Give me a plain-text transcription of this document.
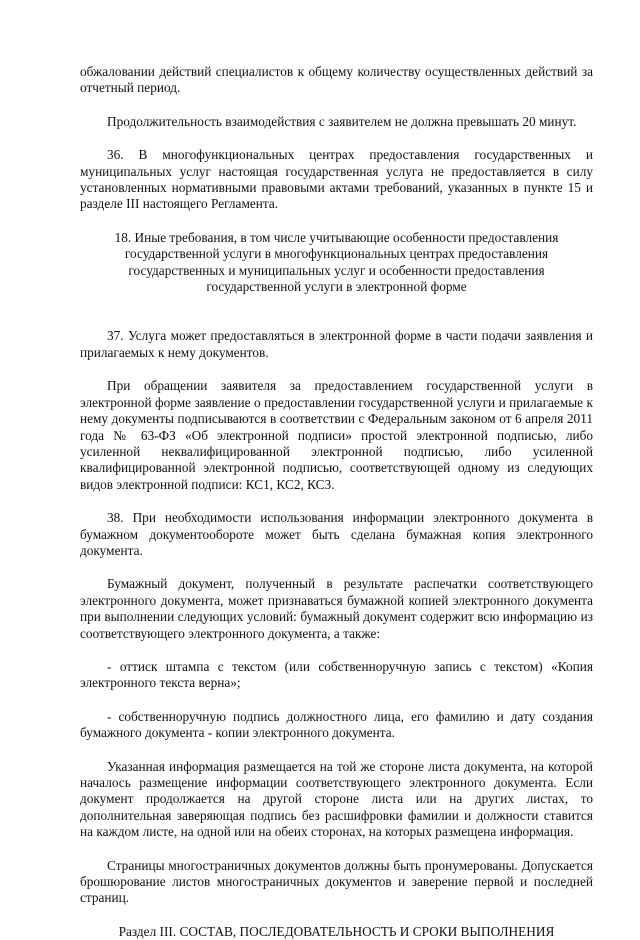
обжаловании действий специалистов к общему количеству осуществленных действий за отчетный период.

Продолжительность взаимодействия с заявителем не должна превышать 20 минут.

36. В многофункциональных центрах предоставления государственных и муниципальных услуг настоящая государственная услуга не предоставляется в силу установленных нормативными правовыми актами требований, указанных в пункте 15 и разделе III настоящего Регламента.

18. Иные требования, в том числе учитывающие особенности предоставления государственной услуги в многофункциональных центрах предоставления государственных и муниципальных услуг и особенности предоставления государственной услуги в электронной форме

37. Услуга может предоставляться в электронной форме в части подачи заявления и прилагаемых к нему документов.

При обращении заявителя за предоставлением государственной услуги в электронной форме заявление о предоставлении государственной услуги и прилагаемые к нему документы подписываются в соответствии с Федеральным законом от 6 апреля 2011 года № 63-ФЗ «Об электронной подписи» простой электронной подписью, либо усиленной неквалифицированной электронной подписью, либо усиленной квалифицированной электронной подписью, соответствующей одному из следующих видов электронной подписи: КС1, КС2, КС3.

38. При необходимости использования информации электронного документа в бумажном документообороте может быть сделана бумажная копия электронного документа.

Бумажный документ, полученный в результате распечатки соответствующего электронного документа, может признаваться бумажной копией электронного документа при выполнении следующих условий: бумажный документ содержит всю информацию из соответствующего электронного документа, а также:

- оттиск штампа с текстом (или собственноручную запись с текстом) «Копия электронного текста верна»;

- собственноручную подпись должностного лица, его фамилию и дату создания бумажного документа - копии электронного документа.

Указанная информация размещается на той же стороне листа документа, на которой началось размещение информации соответствующего электронного документа. Если документ продолжается на другой стороне листа или на других листах, то дополнительная заверяющая подпись без расшифровки фамилии и должности ставится на каждом листе, на одной или на обеих сторонах, на которых размещена информация.

Страницы многостраничных документов должны быть пронумерованы. Допускается брошюрование листов многостраничных документов и заверение первой и последней страниц.

Раздел III. СОСТАВ, ПОСЛЕДОВАТЕЛЬНОСТЬ И СРОКИ ВЫПОЛНЕНИЯ
